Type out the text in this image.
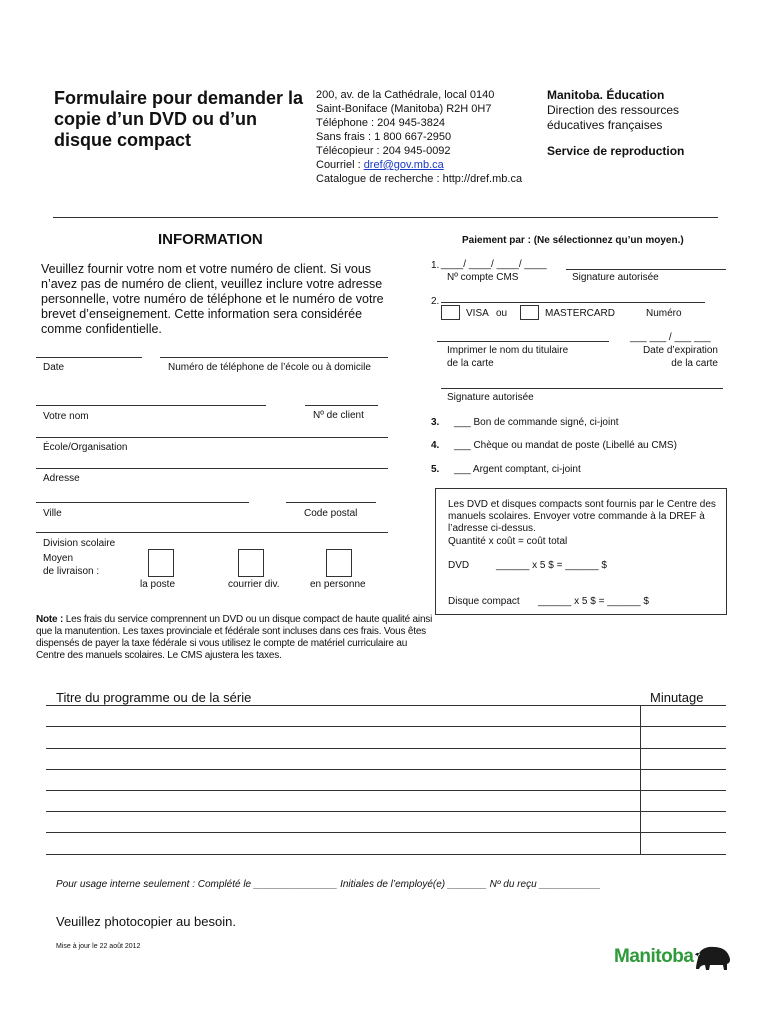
Formulaire pour demander la copie d’un DVD ou d’un disque compact
200, av. de la Cathédrale, local 0140
Saint-Boniface (Manitoba) R2H 0H7
Téléphone : 204 945-3824
Sans frais : 1 800 667-2950
Télécopieur : 204 945-0092
Courriel : dref@gov.mb.ca
Catalogue de recherche : http://dref.mb.ca
Manitoba. Éducation
Direction des ressources
éducatives françaises
Service de reproduction
INFORMATION
Veuillez fournir votre nom et votre numéro de client. Si vous n’avez pas de numéro de client, veuillez inclure votre adresse personnelle, votre numéro de téléphone et le numéro de votre brevet d’enseignement. Cette information sera considérée comme confidentielle.
Date	Numéro de téléphone de l’école ou à domicile
Votre nom	Nº de client
École/Organisation
Adresse
Ville	Code postal
Division scolaire
Moyen
de livraison :
la poste	courrier div.	en personne
Note : Les frais du service comprennent un DVD ou un disque compact de haute qualité ainsi que la manutention. Les taxes provinciale et fédérale sont incluses dans ces frais. Vous êtes dispensés de payer la taxe fédérale si vous utilisez le compte de matériel curriculaire au Centre des manuels scolaires. Le CMS ajustera les taxes.
Paiement par : (Ne sélectionnez qu’un moyen.)
1. ____/ ____/ ____/ ____
Nº compte CMS	Signature autorisée
2.
VISA ou	MASTERCARD	Numéro
___ ___ / ___ ___
Imprimer le nom du titulaire
de la carte
Date d’expiration
de la carte
Signature autorisée
3. ___ Bon de commande signé, ci-joint
4. ___ Chèque ou mandat de poste (Libellé au CMS)
5. ___ Argent comptant, ci-joint
Les DVD et disques compacts sont fournis par le Centre des manuels scolaires. Envoyer votre commande à la DREF à l’adresse ci-dessus.
Quantité x coût = coût total
DVD	______ x 5 $ = ______ $
Disque compact ______ x 5 $ = ______ $
Titre du programme ou de la série	Minutage
Pour usage interne seulement : Complété le _______________ Initiales de l’employé(e) _______ Nº du reçu ___________
Veuillez photocopier au besoin.
Mise à jour le 22 août 2012	Manitoba
